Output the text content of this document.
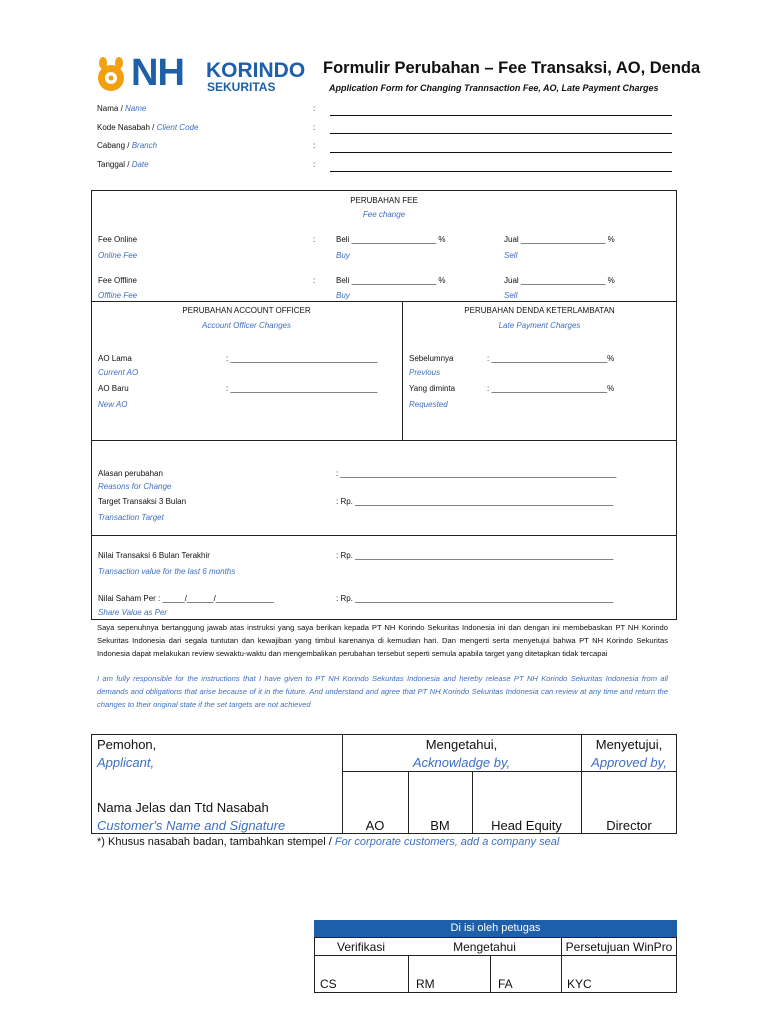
NH KORINDO
SEKURITAS
Formulir Perubahan – Fee Transaksi, AO, Denda
Application Form for Changing Trannsaction Fee, AO, Late Payment Charges
Nama / Name	:
Kode Nasabah / Client Code	:
Cabang / Branch	:
Tanggal / Date	:
PERUBAHAN FEE
Fee change
Fee Online
Online Fee
:	Beli ___________________ %
Buy
Jual ___________________ %
Sell
Fee Offline
Offline Fee
:	Beli ___________________ %
Buy
Jual ___________________ %
Sell
PERUBAHAN ACCOUNT OFFICER
Account Officer Changes
AO Lama
Current AO
: _________________________________
AO Baru
New AO
: _________________________________
PERUBAHAN DENDA KETERLAMBATAN
Late Payment Charges
Sebelumnya
Previous
: __________________________%
Yang diminta
Requested
: __________________________%
Alasan perubahan
Reasons for Change
: ______________________________________________________________
Target Transaksi 3 Bulan
Transaction Target
: Rp. __________________________________________________________
Nilai Transaksi 6 Bulan Terakhir
Transaction value for the last 6 months
: Rp. __________________________________________________________
Nilai Saham Per : _____/______/_____________
Share Value as Per
: Rp. __________________________________________________________
Saya sepenuhnya bertanggung jawab atas instruksi yang saya berikan kepada PT NH Korindo Sekuritas Indonesia ini dan dengan ini membebaskan PT NH Korindo Sekuritas Indonesia dari segala tuntutan dan kewajiban yang timbul karenanya di kemudian hari. Dan mengerti serta menyetujui bahwa PT NH Korindo Sekuritas Indonesia dapat melakukan review sewaktu-waktu dan mengembalikan perubahan tersebut seperti semula apabila target yang ditetapkan tidak tercapai
I am fully responsible for the instructions that I have given to PT NH Korindo Sekuritas Indonesia and hereby release PT NH Korindo Sekuritas Indonesia from all demands and obligations that arise because of it in the future. And understand and agree that PT NH Korindo Sekuritas Indonesia can review at any time and return the changes to their original state if the set targets are not achieved
Pemohon,
Applicant,
Mengetahui,
Acknowladge by,
Menyetujui,
Approved by,
Nama Jelas dan Ttd Nasabah
Customer's Name and Signature	AO	BM	Head Equity	Director
*) Khusus nasabah badan, tambahkan stempel / For corporate customers, add a company seal
Di isi oleh petugas
Verifikasi	Mengetahui	Persetujuan WinPro
CS	RM	FA	KYC
